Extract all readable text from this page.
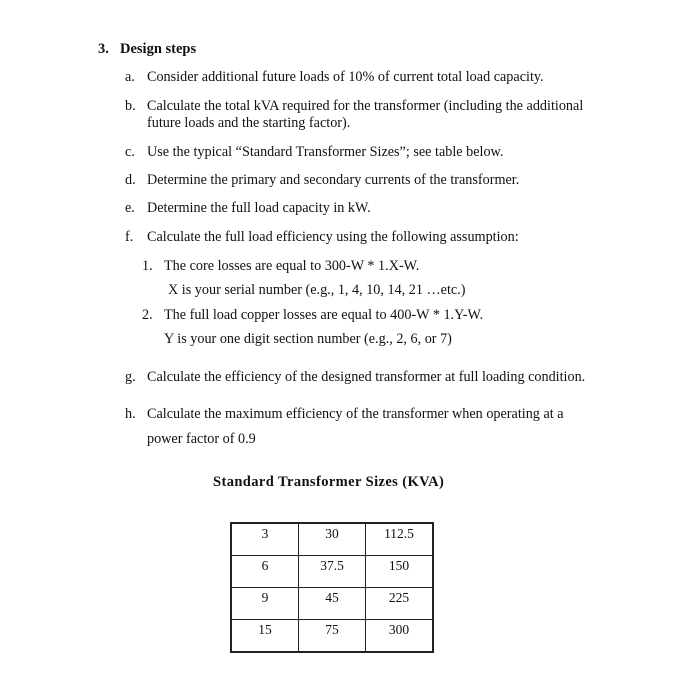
3. Design steps
a. Consider additional future loads of 10% of current total load capacity.
b. Calculate the total kVA required for the transformer (including the additional
future loads and the starting factor).
c. Use the typical “Standard Transformer Sizes”; see table below.
d. Determine the primary and secondary currents of the transformer.
e. Determine the full load capacity in kW.
f. Calculate the full load efficiency using the following assumption:
1. The core losses are equal to 300-W * 1.X-W.
X is your serial number (e.g., 1, 4, 10, 14, 21 …etc.)
2. The full load copper losses are equal to 400-W * 1.Y-W.
Y is your one digit section number (e.g., 2, 6, or 7)
g. Calculate the efficiency of the designed transformer at full loading condition.
h. Calculate the maximum efficiency of the transformer when operating at a
power factor of 0.9
Standard Transformer Sizes (KVA)
3	30	112.5

6	37.5	150

9	45	225

15	75	300
